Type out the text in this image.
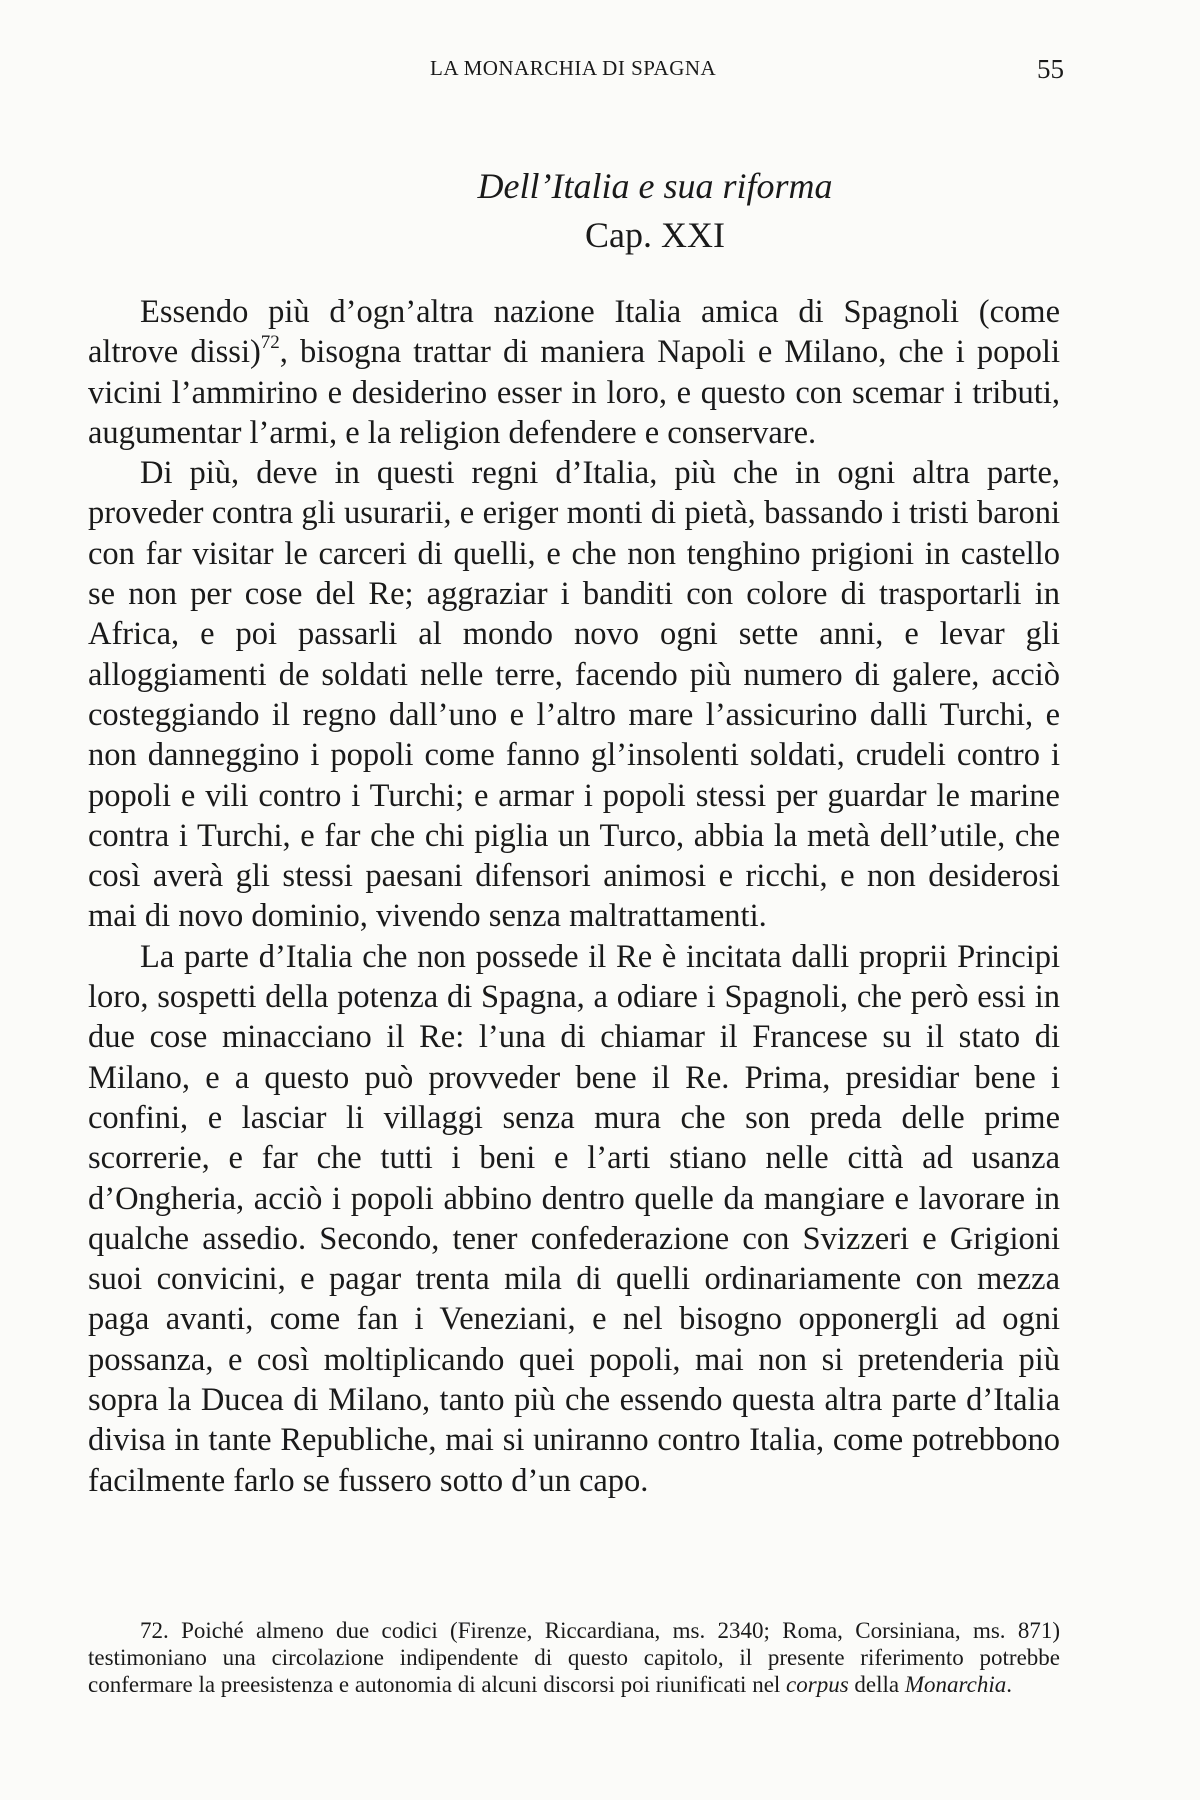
LA MONARCHIA DI SPAGNA	55
Dell’Italia e sua riforma
Cap. XXI

Essendo più d’ogn’altra nazione Italia amica di Spagnoli (come altrove dissi)$^{72}$, bisogna trattar di maniera Napoli e Milano, che i popoli vicini l’ammirino e desiderino esser in loro, e questo con scemar i tributi, augumentar l’armi, e la religion defendere e conservare.

Di più, deve in questi regni d’Italia, più che in ogni altra parte, proveder contra gli usurarii, e eriger monti di pietà, bassando i tristi baroni con far visitar le carceri di quelli, e che non tenghino prigioni in castello se non per cose del Re; aggraziar i banditi con colore di trasportarli in Africa, e poi passarli al mondo novo ogni sette anni, e levar gli alloggiamenti de soldati nelle terre, facendo più numero di galere, acciò costeggiando il regno dall’uno e l’altro mare l’assicurino dalli Turchi, e non danneggino i popoli come fanno gl’insolenti soldati, crudeli contro i popoli e vili contro i Turchi; e armar i popoli stessi per guardar le marine contra i Turchi, e far che chi piglia un Turco, abbia la metà dell’utile, che così averà gli stessi paesani difensori animosi e ricchi, e non desiderosi mai di novo dominio, vivendo senza maltrattamenti.

La parte d’Italia che non possede il Re è incitata dalli proprii Principi loro, sospetti della potenza di Spagna, a odiare i Spagnoli, che però essi in due cose minacciano il Re: l’una di chiamar il Francese su il stato di Milano, e a questo può provveder bene il Re. Prima, presidiar bene i confini, e lasciar li villaggi senza mura che son preda delle prime scorrerie, e far che tutti i beni e l’arti stiano nelle città ad usanza d’Ongheria, acciò i popoli abbino dentro quelle da mangiare e lavorare in qualche assedio. Secondo, tener confederazione con Svizzeri e Grigioni suoi convicini, e pagar trenta mila di quelli ordinariamente con mezza paga avanti, come fan i Veneziani, e nel bisogno opponergli ad ogni possanza, e così moltiplicando quei popoli, mai non si pretenderia più sopra la Ducea di Milano, tanto più che essendo questa altra parte d’Italia divisa in tante Republiche, mai si uniranno contro Italia, come potrebbono facilmente farlo se fussero sotto d’un capo.

72. Poiché almeno due codici (Firenze, Riccardiana, ms. 2340; Roma, Corsiniana, ms. 871) testimoniano una circolazione indipendente di questo capitolo, il presente riferimento potrebbe confermare la preesistenza e autonomia di alcuni discorsi poi riunificati nel corpus della Monarchia.
